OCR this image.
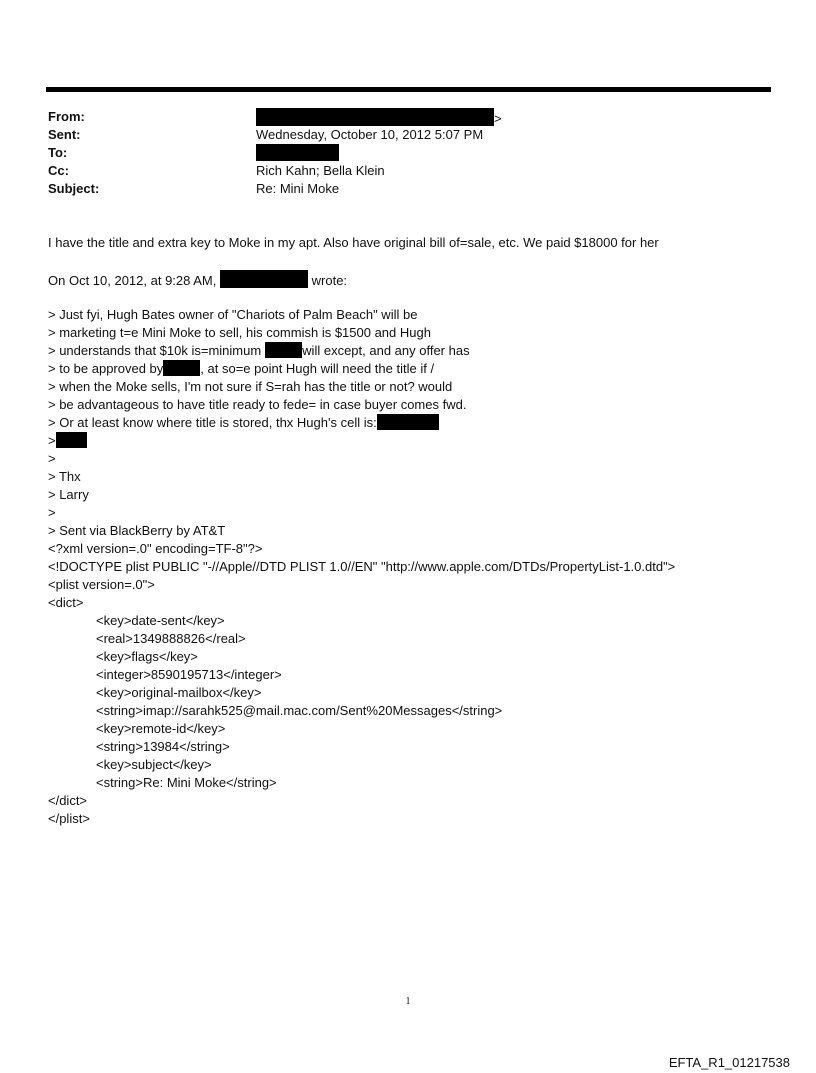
From:	>
Sent:	Wednesday, October 10, 2012 5:07 PM
To:
Cc:	Rich Kahn; Bella Klein
Subject:	Re: Mini Moke
I have the title and extra key to Moke in my apt. Also have original bill of=sale, etc. We paid $18000 for her
On Oct 10, 2012, at 9:28 AM,	wrote:
> Just fyi, Hugh Bates owner of "Chariots of Palm Beach" will be
> marketing t=e Mini Moke to sell, his commish is $1500 and Hugh
> understands that $10k is=minimum	will except, and any offer has
> to be approved by	, at so=e point Hugh will need the title if /
> when the Moke sells, I'm not sure if S=rah has the title or not? would
> be advantageous to have title ready to fede= in case buyer comes fwd.
> Or at least know where title is stored, thx Hugh's cell is:
>
>
> Thx
> Larry
>
> Sent via BlackBerry by AT&T
<?xml version=.0" encoding=TF-8"?>
<!DOCTYPE plist PUBLIC "-//Apple//DTD PLIST 1.0//EN" "http://www.apple.com/DTDs/PropertyList-1.0.dtd">
<plist version=.0">
<dict>
<key>date-sent</key>
<real>1349888826</real>
<key>flags</key>
<integer>8590195713</integer>
<key>original-mailbox</key>
<string>imap://sarahk525@mail.mac.com/Sent%20Messages</string>
<key>remote-id</key>
<string>13984</string>
<key>subject</key>
<string>Re: Mini Moke</string>
</dict>
</plist>
1
EFTA_R1_01217538
